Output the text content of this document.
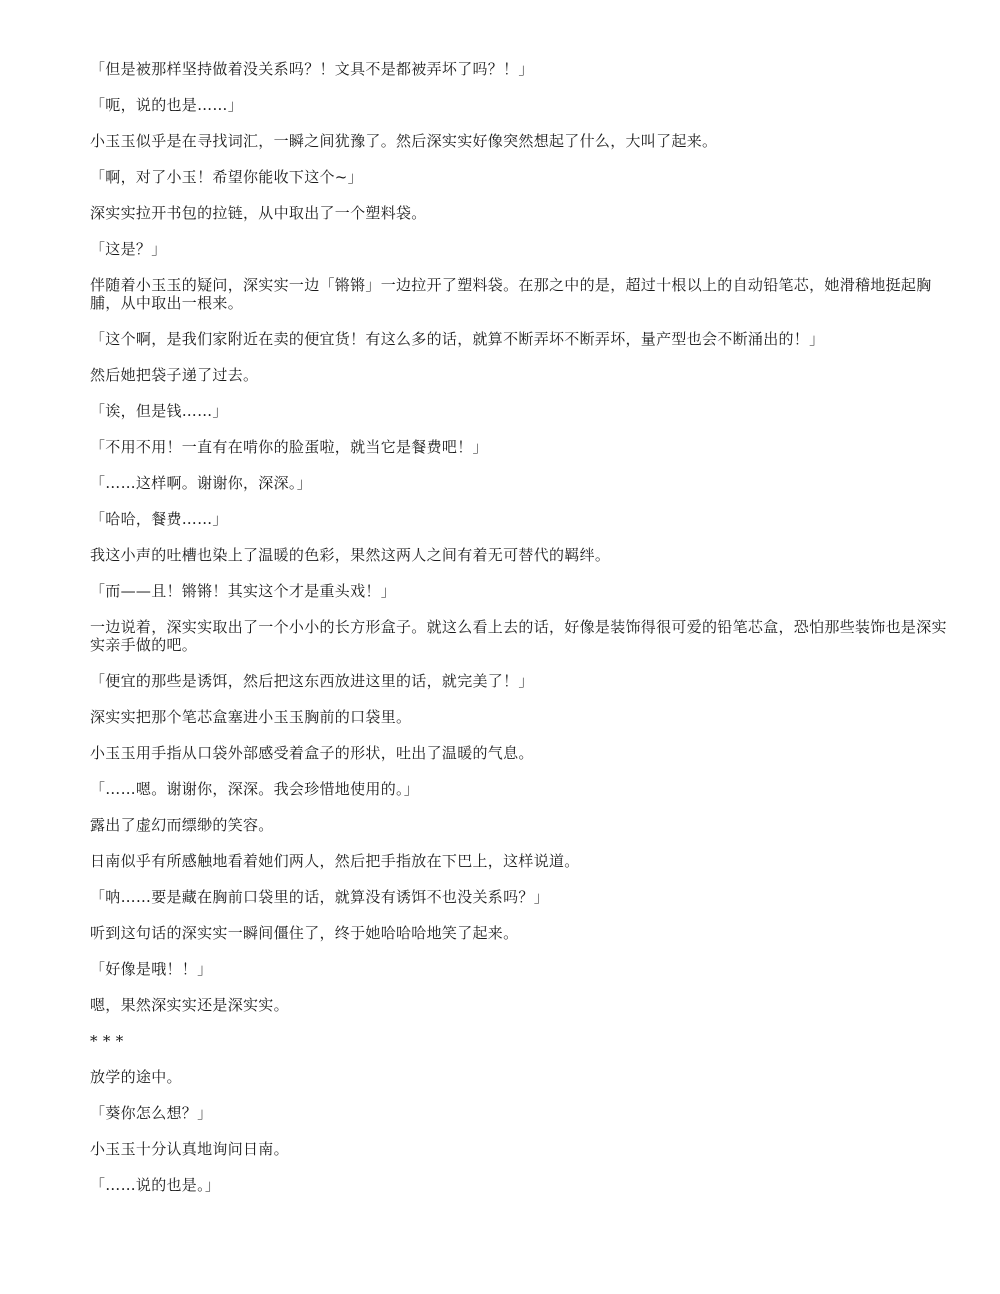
「但是被那样坚持做着没关系吗？！文具不是都被弄坏了吗？！」

「呃，说的也是……」

小玉玉似乎是在寻找词汇，一瞬之间犹豫了。然后深实实好像突然想起了什么，大叫了起来。

「啊，对了小玉！希望你能收下这个~」

深实实拉开书包的拉链，从中取出了一个塑料袋。

「这是？」

伴随着小玉玉的疑问，深实实一边「锵锵」一边拉开了塑料袋。在那之中的是，超过十根以上的自动铅笔芯，她滑稽地挺起胸脯，从中取出一根来。

「这个啊，是我们家附近在卖的便宜货！有这么多的话，就算不断弄坏不断弄坏，量产型也会不断涌出的！」

然后她把袋子递了过去。

「诶，但是钱……」

「不用不用！一直有在啃你的脸蛋啦，就当它是餐费吧！」

「……这样啊。谢谢你，深深。」

「哈哈，餐费……」

我这小声的吐槽也染上了温暖的色彩，果然这两人之间有着无可替代的羁绊。

「而——且！锵锵！其实这个才是重头戏！」

一边说着，深实实取出了一个小小的长方形盒子。就这么看上去的话，好像是装饰得很可爱的铅笔芯盒，恐怕那些装饰也是深实实亲手做的吧。

「便宜的那些是诱饵，然后把这东西放进这里的话，就完美了！」

深实实把那个笔芯盒塞进小玉玉胸前的口袋里。

小玉玉用手指从口袋外部感受着盒子的形状，吐出了温暖的气息。

「……嗯。谢谢你，深深。我会珍惜地使用的。」

露出了虚幻而缥缈的笑容。

日南似乎有所感触地看着她们两人，然后把手指放在下巴上，这样说道。

「呐……要是藏在胸前口袋里的话，就算没有诱饵不也没关系吗？」

听到这句话的深实实一瞬间僵住了，终于她哈哈哈地笑了起来。

「好像是哦！！」

嗯，果然深实实还是深实实。

* * *

放学的途中。

「葵你怎么想？」

小玉玉十分认真地询问日南。

「……说的也是。」
